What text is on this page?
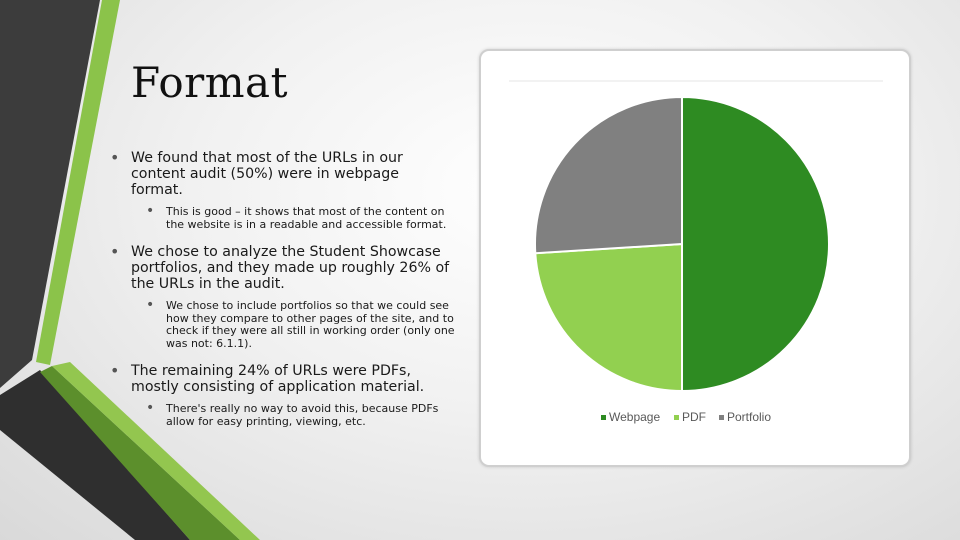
Format
• We found that most of the URLs in our content audit (50%) were in webpage format.
• This is good – it shows that most of the content on the website is in a readable and accessible format.
• We chose to analyze the Student Showcase portfolios, and they made up roughly 26% of the URLs in the audit.
• We chose to include portfolios so that we could see how they compare to other pages of the site, and to check if they were all still in working order (only one was not: 6.1.1).
• The remaining 24% of URLs were PDFs, mostly consisting of application material.
• There's really no way to avoid this, because PDFs allow for easy printing, viewing, etc.	Webpage PDF Portfolio
